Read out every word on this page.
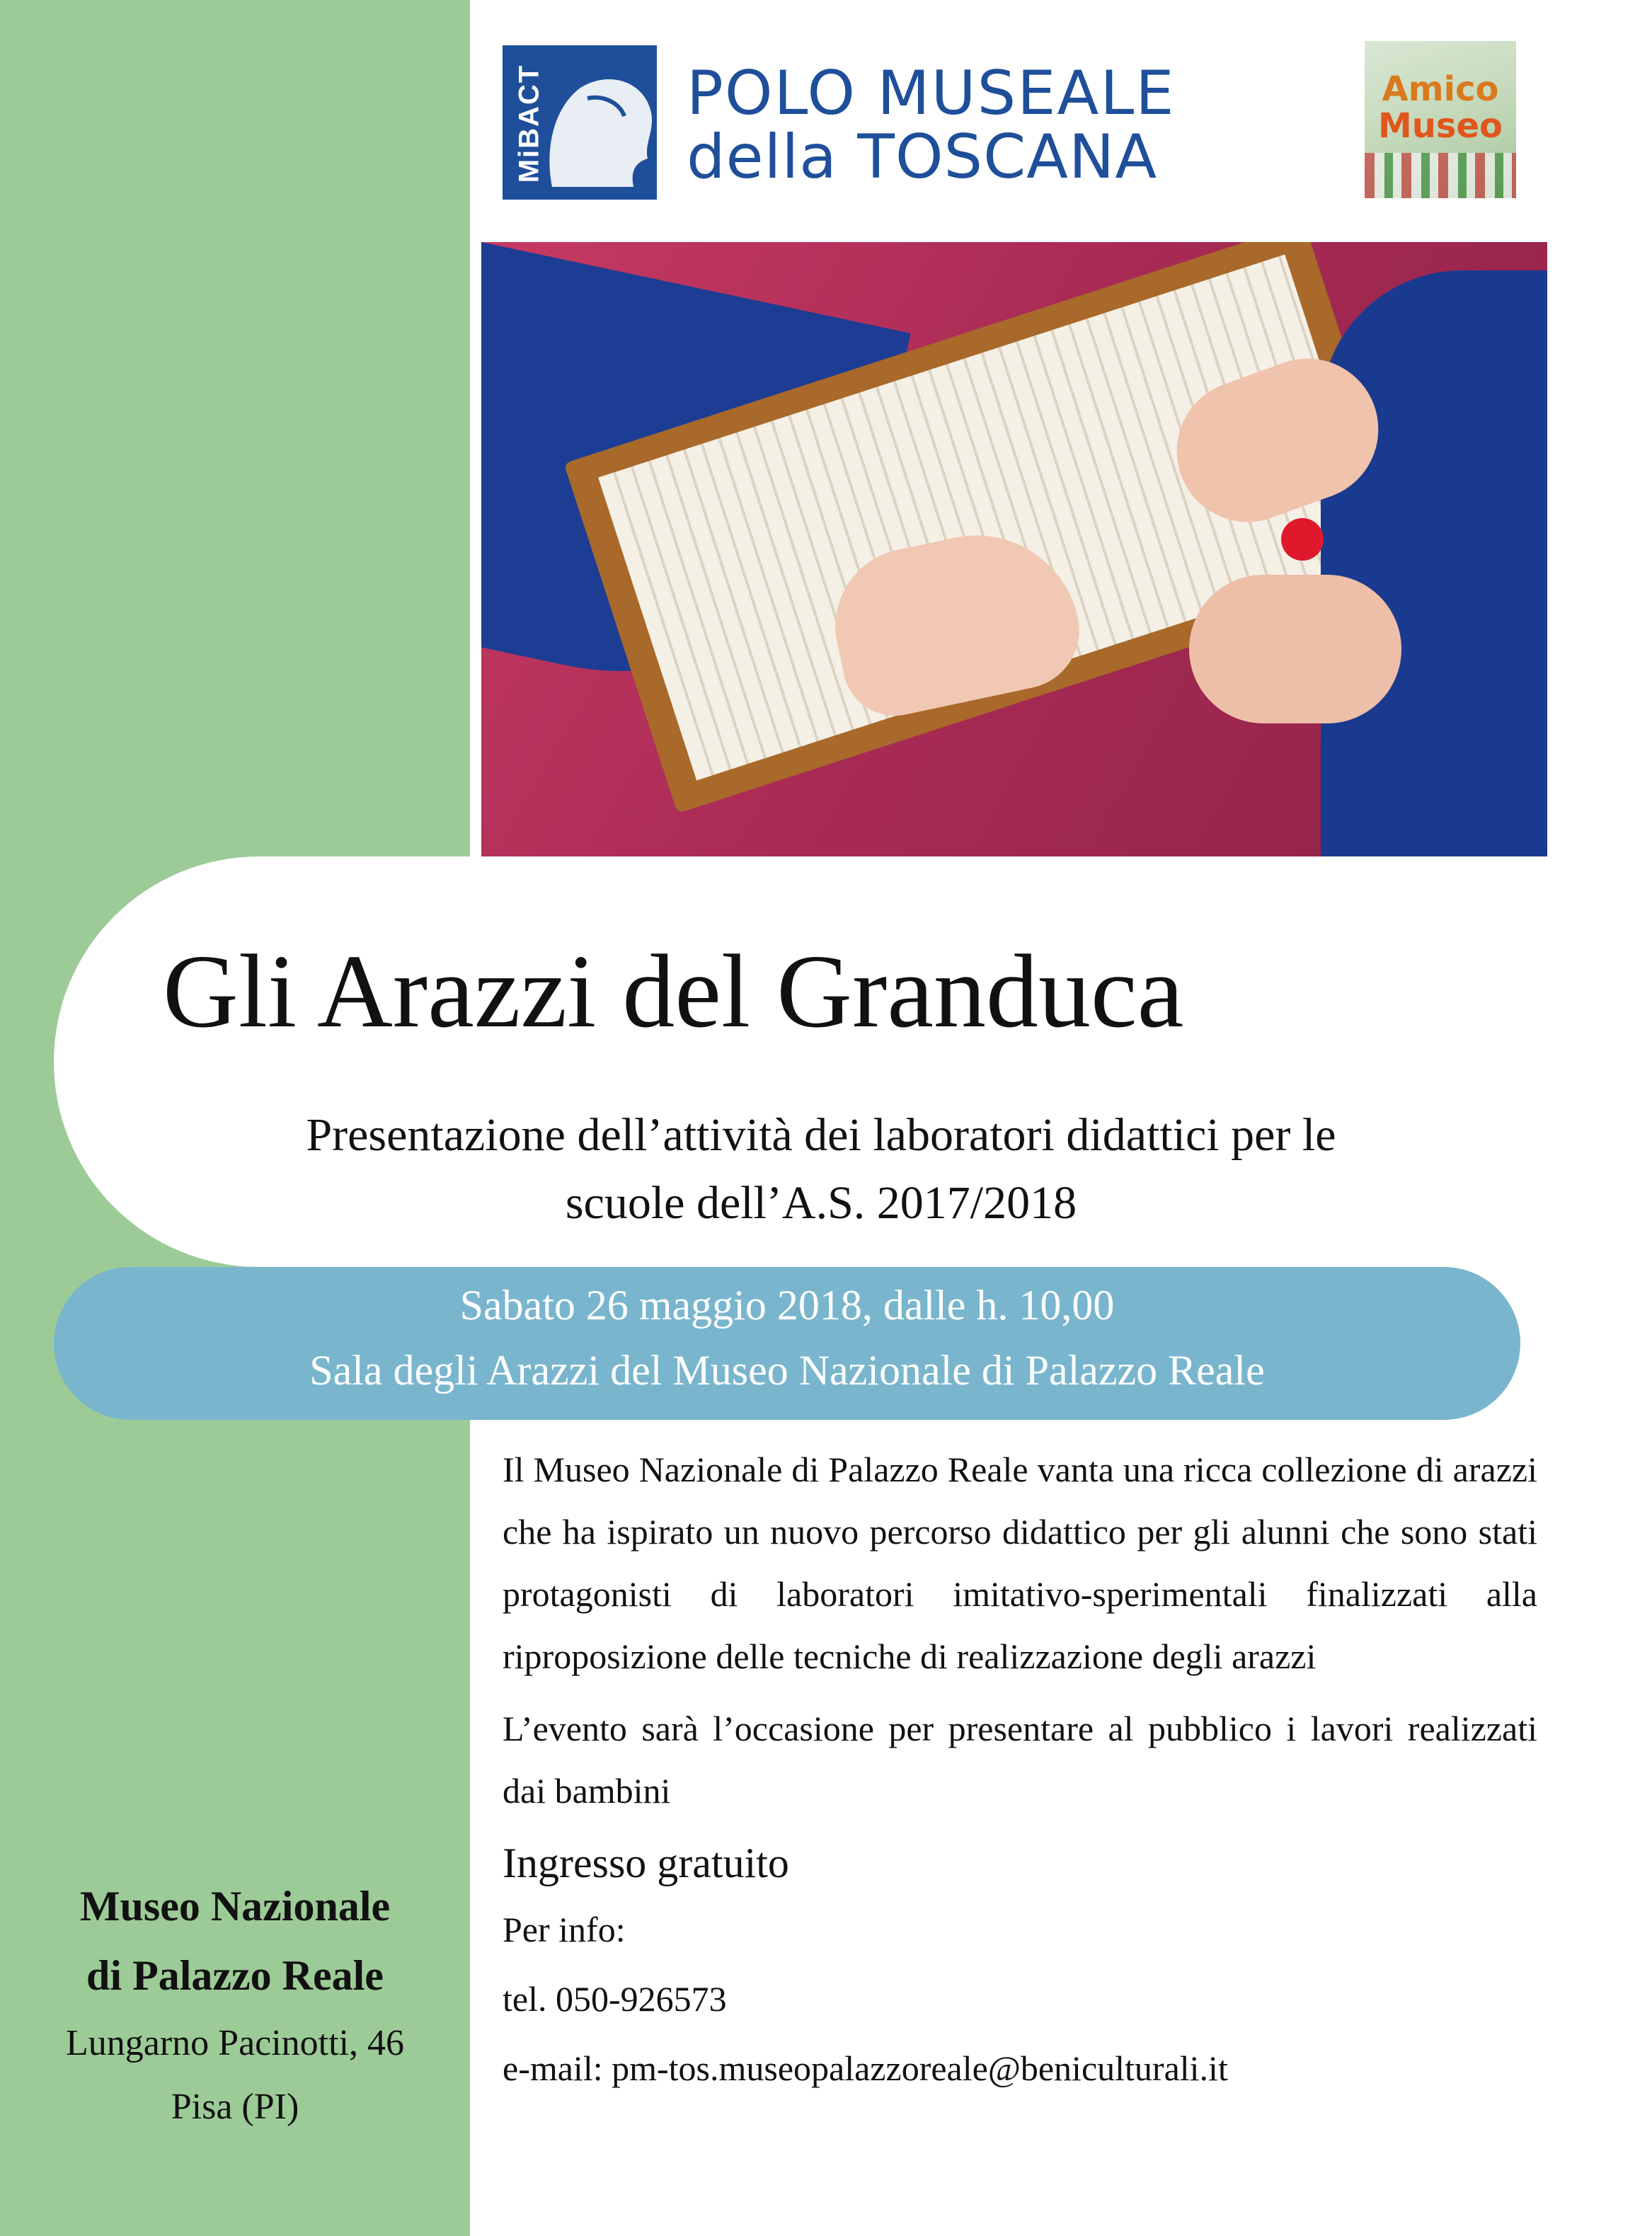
MiBACT POLO MUSEALE
della TOSCANA
Amico
Museo
Gli Arazzi del Granduca
Presentazione dell’attività dei laboratori didattici per le
scuole dell’A.S. 2017/2018
Sabato 26 maggio 2018, dalle h. 10,00
Sala degli Arazzi del Museo Nazionale di Palazzo Reale

Il Museo Nazionale di Palazzo Reale vanta una ricca collezione di arazzi che ha ispirato un nuovo percorso didattico per gli alunni che sono stati protagonisti di laboratori imitativo-sperimentali finalizzati alla riproposizione delle tecniche di realizzazione degli arazzi

L’evento sarà l’occasione per presentare al pubblico i lavori realizzati dai bambini

Ingresso gratuito
Per info:
tel. 050-926573
e-mail: pm-tos.museopalazzoreale@beniculturali.it
Museo Nazionale
di Palazzo Reale
Lungarno Pacinotti, 46
Pisa (PI)
